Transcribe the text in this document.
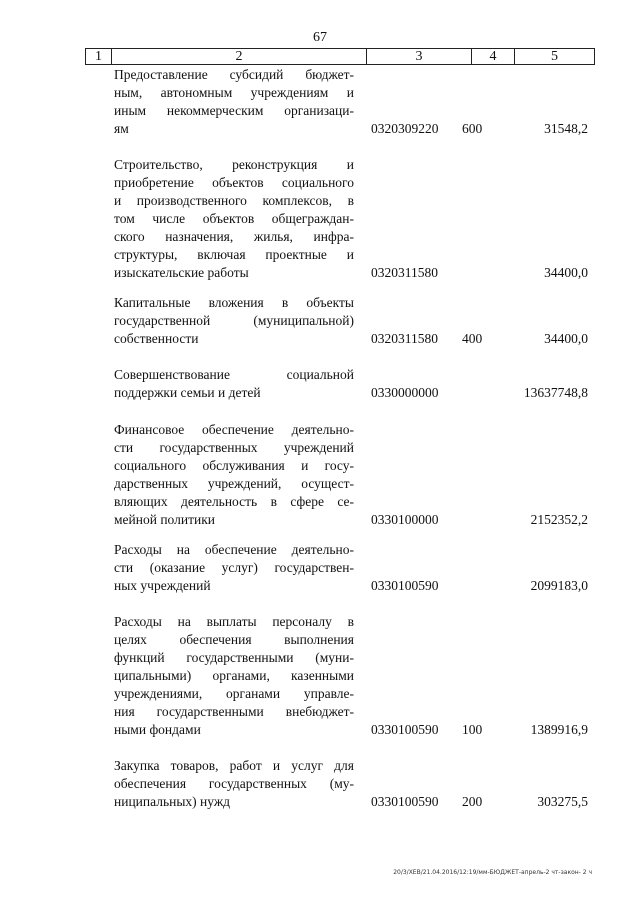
67
1	2	3	4	5
Предоставление субсидий бюджет-
ным, автономным учреждениям и
иным некоммерческим организаци-
ям	0320309220 600	31548,2
Строительство, реконструкция и
приобретение объектов социального
и производственного комплексов, в
том числе объектов общеграждан-
ского назначения, жилья, инфра-
структуры, включая проектные и
изыскательские работы	0320311580	34400,0
Капитальные вложения в объекты
государственной (муниципальной)
собственности	0320311580 400	34400,0
Совершенствование социальной
поддержки семьи и детей	0330000000	13637748,8
Финансовое обеспечение деятельно-
сти государственных учреждений
социального обслуживания и госу-
дарственных учреждений, осущест-
вляющих деятельность в сфере се-
мейной политики	0330100000	2152352,2
Расходы на обеспечение деятельно-
сти (оказание услуг) государствен-
ных учреждений	0330100590	2099183,0
Расходы на выплаты персоналу в
целях обеспечения выполнения
функций государственными (муни-
ципальными) органами, казенными
учреждениями, органами управле-
ния государственными внебюджет-
ными фондами	0330100590 100	1389916,9
Закупка товаров, работ и услуг для
обеспечения государственных (му-
ниципальных) нужд	0330100590 200	303275,5
20/3/ХЕВ/21.04.2016/12:19/мм-БЮДЖЕТ-апрель-2 чт-закон- 2 ч
